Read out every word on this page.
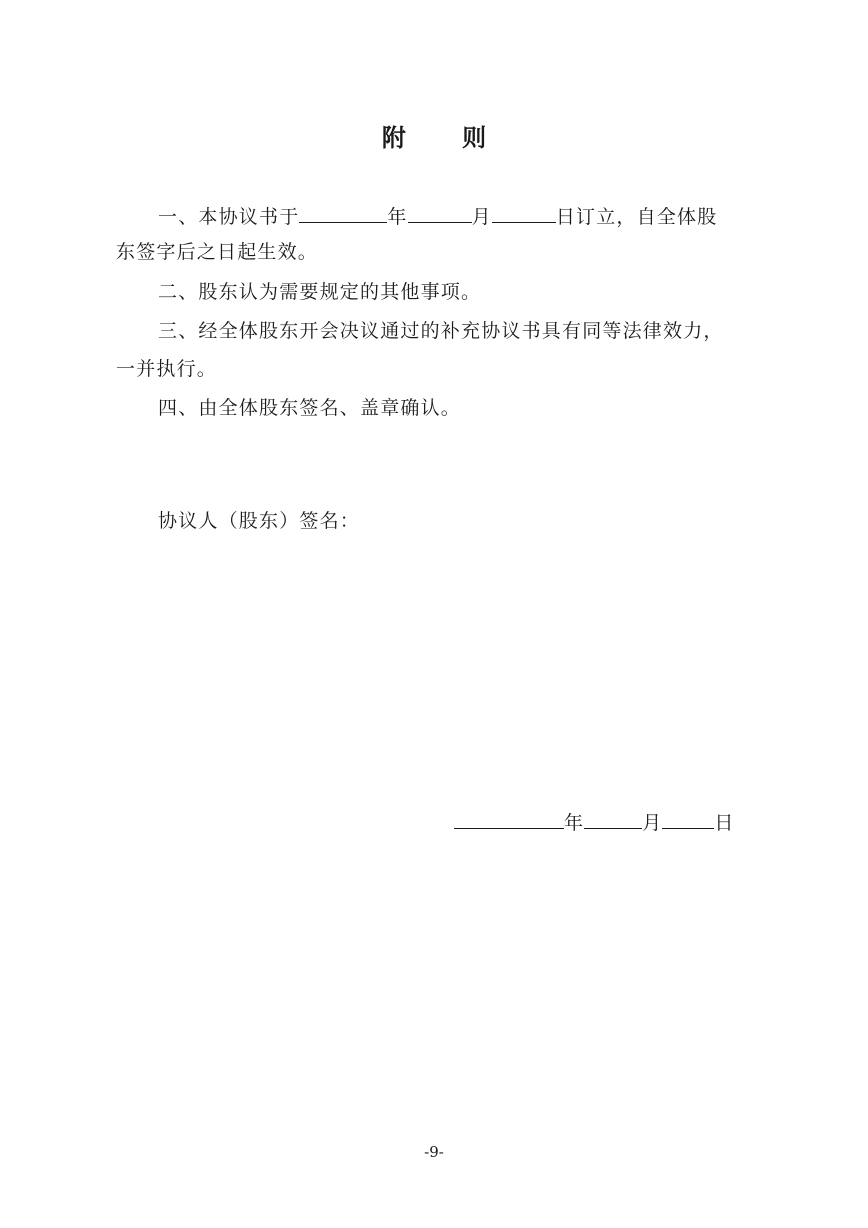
附 则
一、本协议书于	年	月	日订立，自全体股
东签字后之日起生效。
二、股东认为需要规定的其他事项。
三、经全体股东开会决议通过的补充协议书具有同等法律效力，
一并执行。
四、由全体股东签名、盖章确认。
协议人（股东）签名：
年	月	日
-9-
